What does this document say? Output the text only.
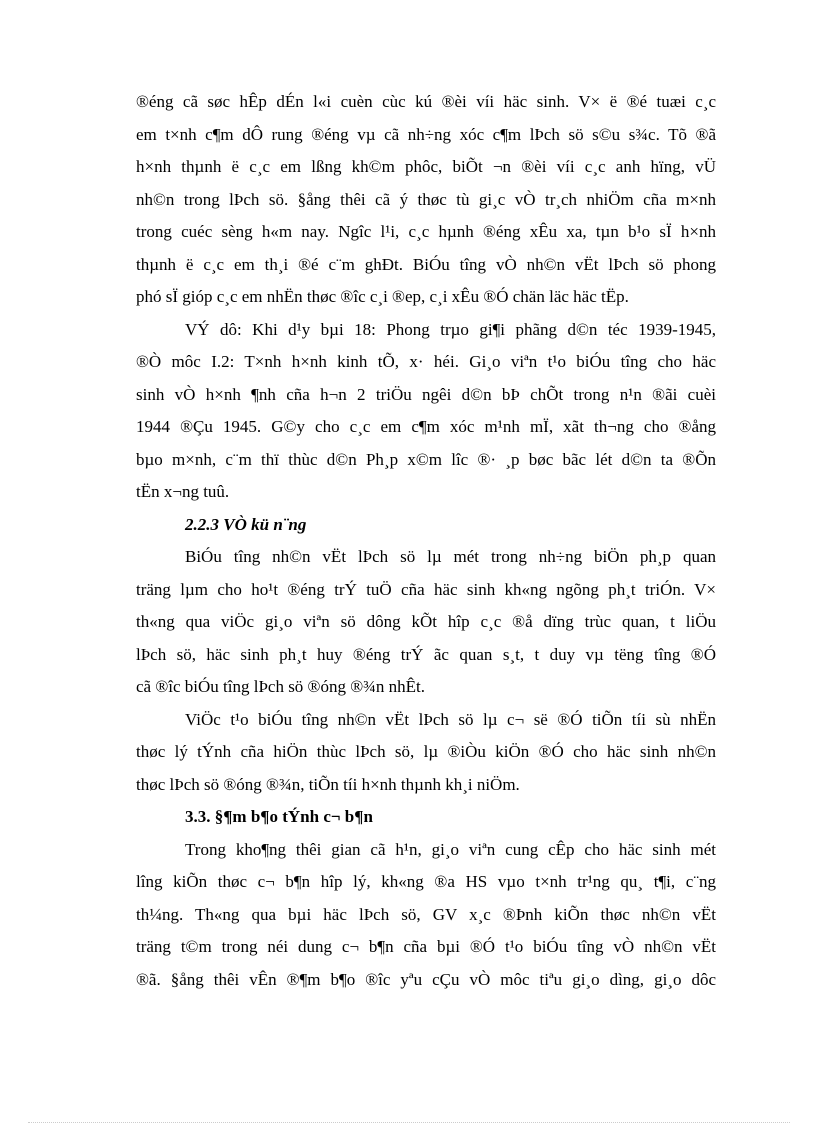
®éng cã søc hÊp dÉn l«i cuèn cùc kú ®èi víi häc sinh. V× ë ®é tuæi c¸c
em t×nh c¶m dÔ rung ®éng vµ cã nh÷ng xóc c¶m lÞch sö s©u s¾c. Tõ ®ã
h×nh thµnh ë c¸c em lßng kh©m phôc, biÕt ¬n ®èi víi c¸c anh hïng, vÜ
nh©n trong lÞch sö. §ång thêi cã ý thøc tù gi¸c vÒ tr¸ch nhiÖm cña m×nh
trong cuéc sèng h«m nay. Ngîc l¹i, c¸c hµnh ®éng xÊu xa, tµn b¹o sÏ h×nh
thµnh ë c¸c em th¸i ®é c¨m ghÐt. BiÓu tîng vÒ nh©n vËt lÞch sö phong
phó sÏ gióp c¸c em nhËn thøc ®îc c¸i ®ep, c¸i xÊu ®Ó chän läc häc tËp.
VÝ dô: Khi d¹y bµi 18: Phong trµo gi¶i phãng d©n téc 1939-1945,
®Ò môc I.2: T×nh h×nh kinh tÕ, x· héi. Gi¸o viªn t¹o biÓu tîng cho häc
sinh vÒ h×nh ¶nh cña h¬n 2 triÖu ngêi d©n bÞ chÕt trong n¹n ®ãi cuèi
1944 ®Çu 1945. G©y cho c¸c em c¶m xóc m¹nh mÏ, xãt th¬ng cho ®ång
bµo m×nh, c¨m thï thùc d©n Ph¸p x©m lîc ®· ¸p bøc bãc lét d©n ta ®Õn
tËn x¬ng tuû.
2.2.3 VÒ kü n¨ng
BiÓu tîng nh©n vËt lÞch sö lµ mét trong nh÷ng biÖn ph¸p quan
träng lµm cho ho¹t ®éng trÝ tuÖ cña häc sinh kh«ng ngõng ph¸t triÓn. V×
th«ng qua viÖc gi¸o viªn sö dông kÕt hîp c¸c ®å dïng trùc quan, t liÖu
lÞch sö, häc sinh ph¸t huy ®éng trÝ ãc quan s¸t, t duy vµ tëng tîng ®Ó
cã ®îc biÓu tîng lÞch sö ®óng ®¾n nhÊt.
ViÖc t¹o biÓu tîng nh©n vËt lÞch sö lµ c¬ së ®Ó tiÕn tíi sù nhËn
thøc lý tÝnh cña hiÖn thùc lÞch sö, lµ ®iÒu kiÖn ®Ó cho häc sinh nh©n
thøc lÞch sö ®óng ®¾n, tiÕn tíi h×nh thµnh kh¸i niÖm.
3.3. §¶m b¶o tÝnh c¬ b¶n
Trong kho¶ng thêi gian cã h¹n, gi¸o viªn cung cÊp cho häc sinh mét
lîng kiÕn thøc c¬ b¶n hîp lý, kh«ng ®a HS vµo t×nh tr¹ng qu¸ t¶i, c¨ng
th¼ng. Th«ng qua bµi häc lÞch sö, GV x¸c ®Þnh kiÕn thøc nh©n vËt
träng t©m trong néi dung c¬ b¶n cña bµi ®Ó t¹o biÓu tîng vÒ nh©n vËt
®ã. §ång thêi vÊn ®¶m b¶o ®îc yªu cÇu vÒ môc tiªu gi¸o dìng, gi¸o dôc
